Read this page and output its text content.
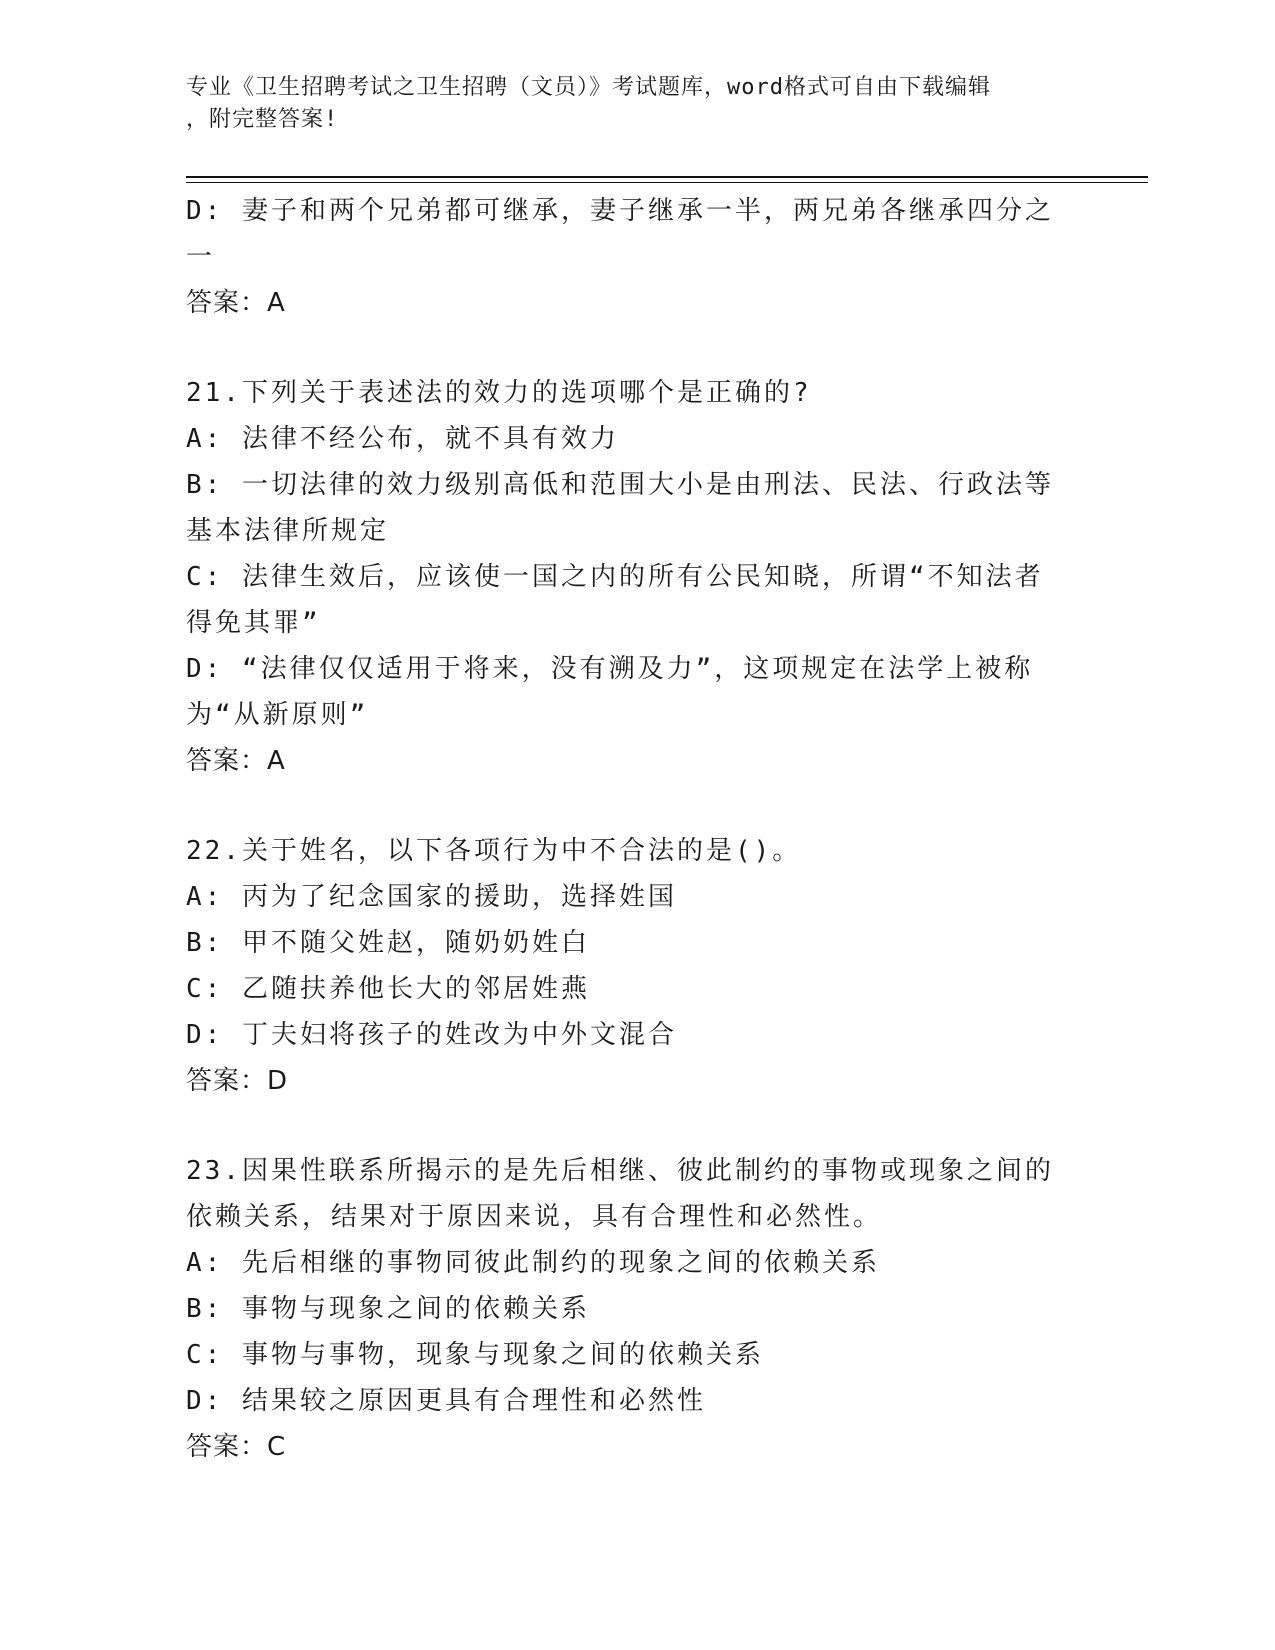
专业《卫生招聘考试之卫生招聘（文员）》考试题库，word格式可自由下载编辑
，附完整答案!

D: 妻子和两个兄弟都可继承，妻子继承一半，两兄弟各继承四分之一

答案：A

21.下列关于表述法的效力的选项哪个是正确的?

A: 法律不经公布，就不具有效力

B: 一切法律的效力级别高低和范围大小是由刑法、民法、行政法等基本法律所规定

C: 法律生效后，应该使一国之内的所有公民知晓，所谓“不知法者得免其罪”

D: “法律仅仅适用于将来，没有溯及力”，这项规定在法学上被称为“从新原则”

答案：A

22.关于姓名，以下各项行为中不合法的是()。

A: 丙为了纪念国家的援助，选择姓国

B: 甲不随父姓赵，随奶奶姓白

C: 乙随扶养他长大的邻居姓燕

D: 丁夫妇将孩子的姓改为中外文混合

答案：D

23.因果性联系所揭示的是先后相继、彼此制约的事物或现象之间的依赖关系，结果对于原因来说，具有合理性和必然性。

A: 先后相继的事物同彼此制约的现象之间的依赖关系

B: 事物与现象之间的依赖关系

C: 事物与事物，现象与现象之间的依赖关系

D: 结果较之原因更具有合理性和必然性

答案：C
